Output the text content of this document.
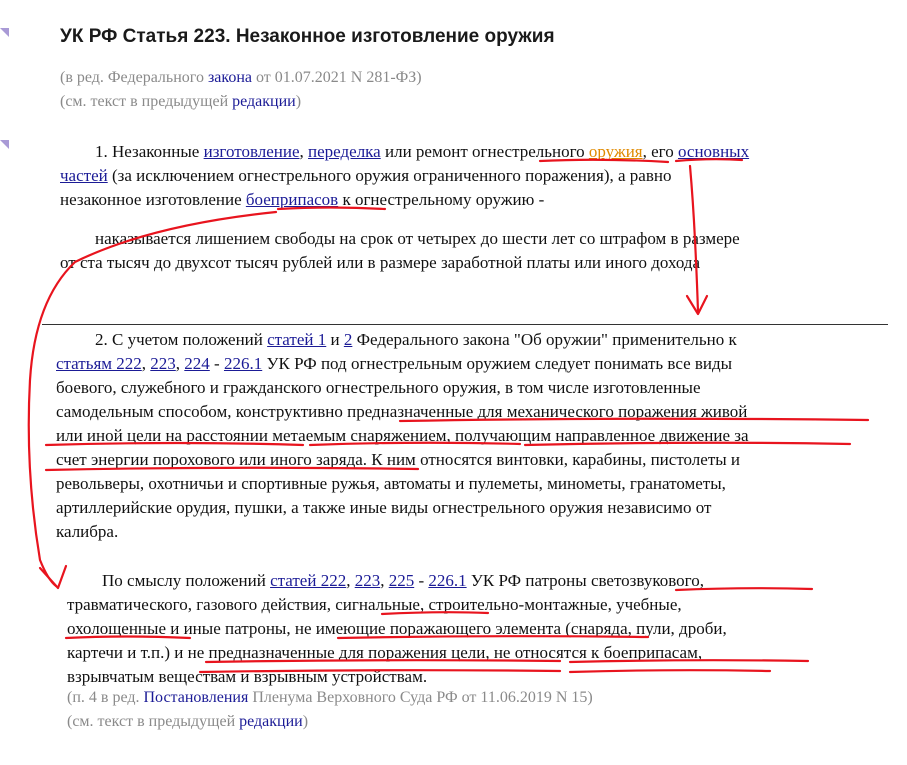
УК РФ Статья 223. Незаконное изготовление оружия
(в ред. Федерального закона от 01.07.2021 N 281-ФЗ)
(см. текст в предыдущей редакции)
1. Незаконные изготовление, переделка или ремонт огнестрельного оружия, его основных
частей (за исключением огнестрельного оружия ограниченного поражения), а равно
незаконное изготовление боеприпасов к огнестрельному оружию -
наказывается лишением свободы на срок от четырех до шести лет со штрафом в размере
от ста тысяч до двухсот тысяч рублей или в размере заработной платы или иного дохода
2. С учетом положений статей 1 и 2 Федерального закона "Об оружии" применительно к
статьям 222, 223, 224 - 226.1 УК РФ под огнестрельным оружием следует понимать все виды
боевого, служебного и гражданского огнестрельного оружия, в том числе изготовленные
самодельным способом, конструктивно предназначенные для механического поражения живой
или иной цели на расстоянии метаемым снаряжением, получающим направленное движение за
счет энергии порохового или иного заряда. К ним относятся винтовки, карабины, пистолеты и
револьверы, охотничьи и спортивные ружья, автоматы и пулеметы, минометы, гранатометы,
артиллерийские орудия, пушки, а также иные виды огнестрельного оружия независимо от
калибра.
По смыслу положений статей 222, 223, 225 - 226.1 УК РФ патроны светозвукового,
травматического, газового действия, сигнальные, строительно-монтажные, учебные,
охолощенные и иные патроны, не имеющие поражающего элемента (снаряда, пули, дроби,
картечи и т.п.) и не предназначенные для поражения цели, не относятся к боеприпасам,
взрывчатым веществам и взрывным устройствам.
(п. 4 в ред. Постановления Пленума Верховного Суда РФ от 11.06.2019 N 15)
(см. текст в предыдущей редакции)
